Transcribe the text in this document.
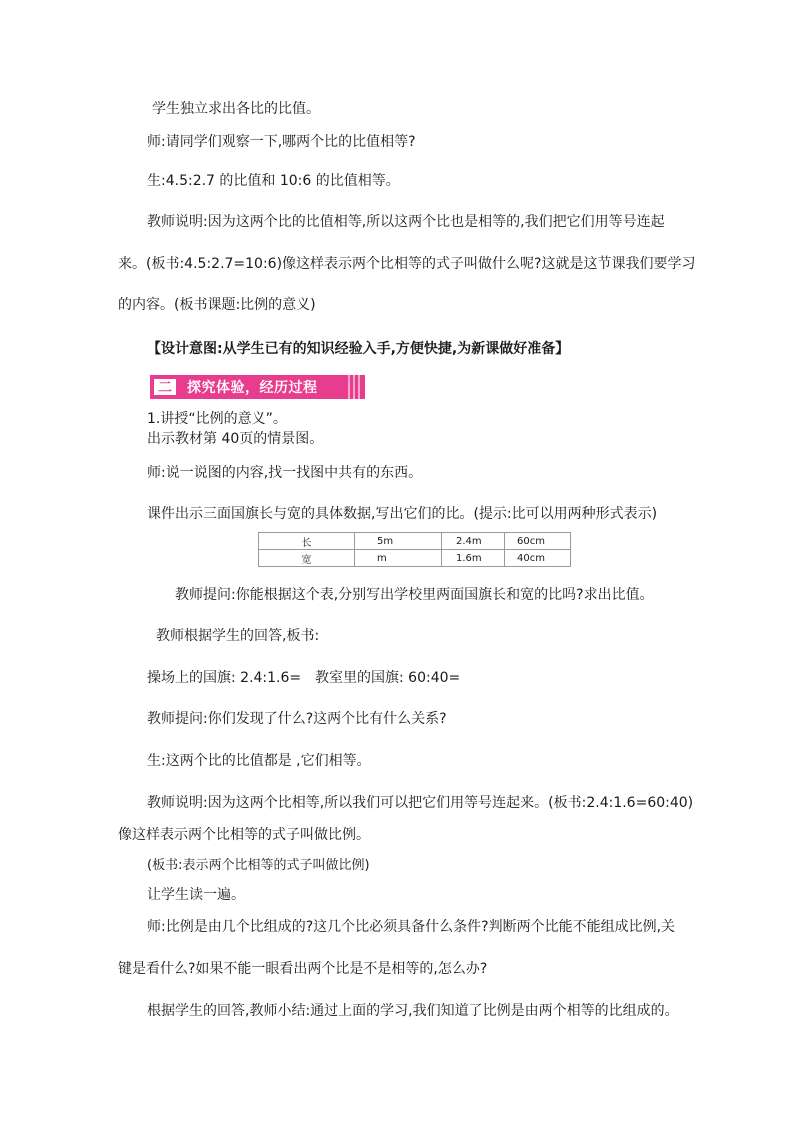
学生独立求出各比的比值。
师:请同学们观察一下,哪两个比的比值相等?
生:4.5:2.7 的比值和 10:6 的比值相等。
教师说明:因为这两个比的比值相等,所以这两个比也是相等的,我们把它们用等号连起
来。(板书:4.5:2.7=10:6)像这样表示两个比相等的式子叫做什么呢?这就是这节课我们要学习
的内容。(板书课题:比例的意义)
【设计意图:从学生已有的知识经验入手,方便快捷,为新课做好准备】
二	探究体验，经历过程
1.讲授“比例的意义”。
出示教材第 40页的情景图。
师:说一说图的内容,找一找图中共有的东西。
课件出示三面国旗长与宽的具体数据,写出它们的比。(提示:比可以用两种形式表示)
长	5m	2.4m	60cm
宽	m	1.6m	40cm
教师提问:你能根据这个表,分别写出学校里两面国旗长和宽的比吗?求出比值。
教师根据学生的回答,板书:
操场上的国旗: 2.4:1.6= 教室里的国旗: 60:40=
教师提问:你们发现了什么?这两个比有什么关系?
生:这两个比的比值都是 ,它们相等。
教师说明:因为这两个比相等,所以我们可以把它们用等号连起来。(板书:2.4:1.6=60:40)
像这样表示两个比相等的式子叫做比例。
(板书:表示两个比相等的式子叫做比例)
让学生读一遍。
师:比例是由几个比组成的?这几个比必须具备什么条件?判断两个比能不能组成比例,关
键是看什么?如果不能一眼看出两个比是不是相等的,怎么办?
根据学生的回答,教师小结:通过上面的学习,我们知道了比例是由两个相等的比组成的。
